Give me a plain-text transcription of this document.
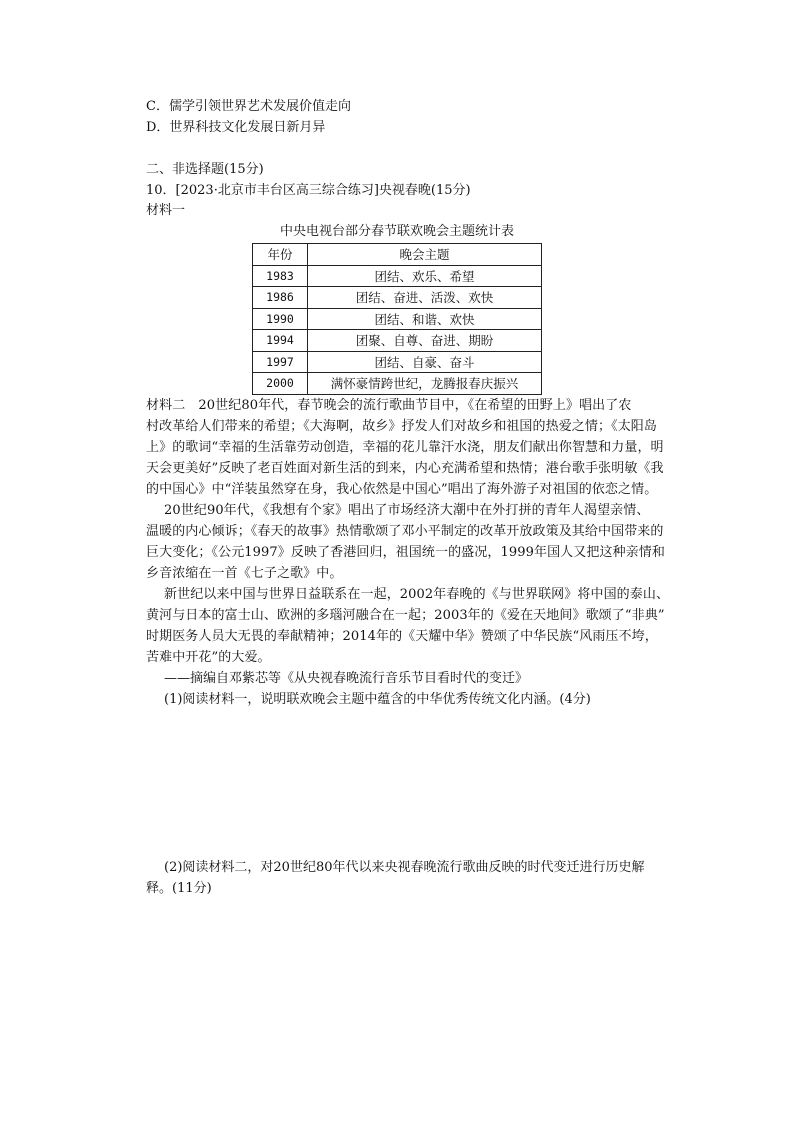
C．儒学引领世界艺术发展价值走向
D．世界科技文化发展日新月异
二、非选择题(15分)
10．[2023·北京市丰台区高三综合练习]央视春晚(15分)
材料一
中央电视台部分春节联欢晚会主题统计表
年份	晚会主题
1983	团结、欢乐、希望
1986	团结、奋进、活泼、欢快
1990	团结、和谐、欢快
1994	团聚、自尊、奋进、期盼
1997	团结、自豪、奋斗
2000	满怀豪情跨世纪，龙腾报春庆振兴
材料二　20世纪80年代，春节晚会的流行歌曲节目中，《在希望的田野上》唱出了农
村改革给人们带来的希望；《大海啊，故乡》抒发人们对故乡和祖国的热爱之情；《太阳岛
上》的歌词“幸福的生活靠劳动创造，幸福的花儿靠汗水浇，朋友们献出你智慧和力量，明
天会更美好”反映了老百姓面对新生活的到来，内心充满希望和热情；港台歌手张明敏《我
的中国心》中“洋装虽然穿在身，我心依然是中国心”唱出了海外游子对祖国的依恋之情。
20世纪90年代，《我想有个家》唱出了市场经济大潮中在外打拼的青年人渴望亲情、
温暖的内心倾诉；《春天的故事》热情歌颂了邓小平制定的改革开放政策及其给中国带来的
巨大变化；《公元1997》反映了香港回归，祖国统一的盛况，1999年国人又把这种亲情和
乡音浓缩在一首《七子之歌》中。
新世纪以来中国与世界日益联系在一起，2002年春晚的《与世界联网》将中国的泰山、
黄河与日本的富士山、欧洲的多瑙河融合在一起；2003年的《爱在天地间》歌颂了“非典”
时期医务人员大无畏的奉献精神；2014年的《天耀中华》赞颂了中华民族“风雨压不垮，
苦难中开花”的大爱。
——摘编自邓紫芯等《从央视春晚流行音乐节目看时代的变迁》
(1)阅读材料一，说明联欢晚会主题中蕴含的中华优秀传统文化内涵。(4分)
(2)阅读材料二，对20世纪80年代以来央视春晚流行歌曲反映的时代变迁进行历史解
释。(11分)
